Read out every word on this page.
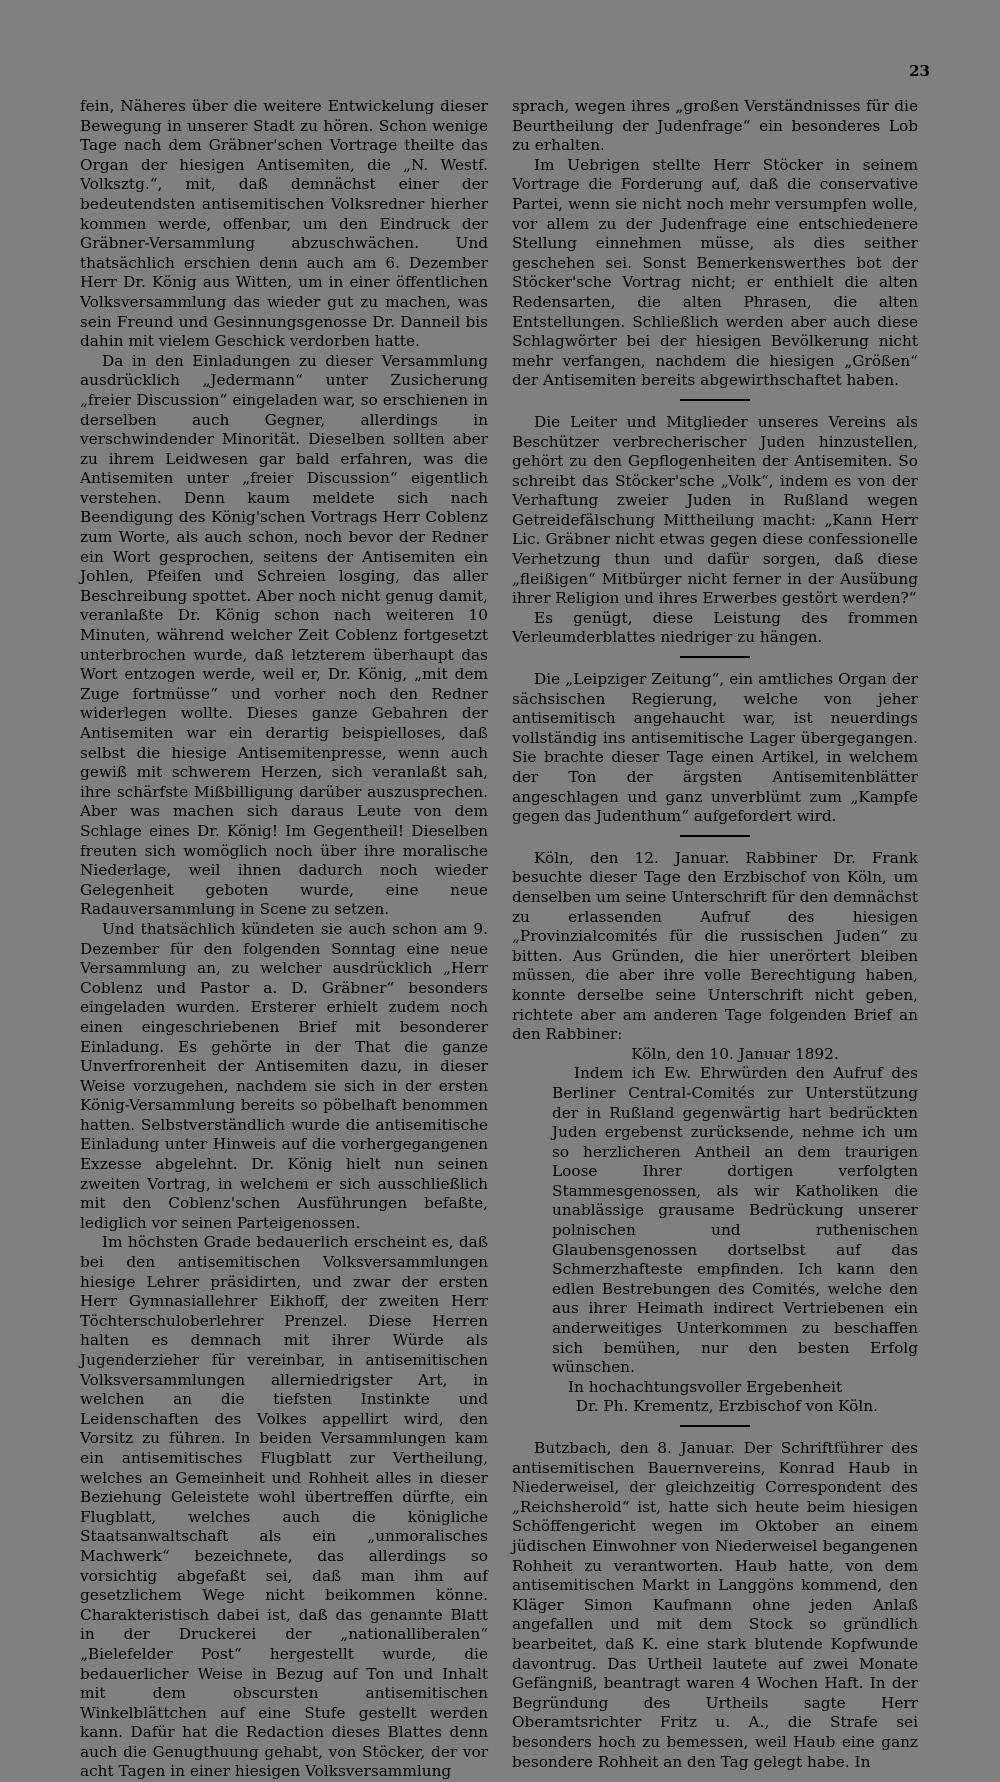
23

fein, Näheres über die weitere Entwickelung dieser Bewegung in unserer Stadt zu hören. Schon wenige Tage nach dem Gräbner'schen Vortrage theilte das Organ der hiesigen Antisemiten, die „N. Westf. Volksztg.“, mit, daß demnächst einer der bedeutendsten antisemitischen Volksredner hierher kommen werde, offenbar, um den Eindruck der Gräbner-Versammlung abzuschwächen. Und thatsächlich erschien denn auch am 6. Dezember Herr Dr. König aus Witten, um in einer öffentlichen Volksversammlung das wieder gut zu machen, was sein Freund und Gesinnungsgenosse Dr. Danneil bis dahin mit vielem Geschick verdorben hatte.

Da in den Einladungen zu dieser Versammlung ausdrücklich „Jedermann“ unter Zusicherung „freier Discussion“ eingeladen war, so erschienen in derselben auch Gegner, allerdings in verschwindender Minorität. Dieselben sollten aber zu ihrem Leidwesen gar bald erfahren, was die Antisemiten unter „freier Discussion“ eigentlich verstehen. Denn kaum meldete sich nach Beendigung des König'schen Vortrags Herr Coblenz zum Worte, als auch schon, noch bevor der Redner ein Wort gesprochen, seitens der Antisemiten ein Johlen, Pfeifen und Schreien losging, das aller Beschreibung spottet. Aber noch nicht genug damit, veranlaßte Dr. König schon nach weiteren 10 Minuten, während welcher Zeit Coblenz fortgesetzt unterbrochen wurde, daß letzterem überhaupt das Wort entzogen werde, weil er, Dr. König, „mit dem Zuge fortmüsse“ und vorher noch den Redner widerlegen wollte. Dieses ganze Gebahren der Antisemiten war ein derartig beispielloses, daß selbst die hiesige Antisemitenpresse, wenn auch gewiß mit schwerem Herzen, sich veranlaßt sah, ihre schärfste Mißbilligung darüber auszusprechen. Aber was machen sich daraus Leute von dem Schlage eines Dr. König! Im Gegentheil! Dieselben freuten sich womöglich noch über ihre moralische Niederlage, weil ihnen dadurch noch wieder Gelegenheit geboten wurde, eine neue Radauversammlung in Scene zu setzen.

Und thatsächlich kündeten sie auch schon am 9. Dezember für den folgenden Sonntag eine neue Versammlung an, zu welcher ausdrücklich „Herr Coblenz und Pastor a. D. Gräbner“ besonders eingeladen wurden. Ersterer erhielt zudem noch einen eingeschriebenen Brief mit besonderer Einladung. Es gehörte in der That die ganze Unverfrorenheit der Antisemiten dazu, in dieser Weise vorzugehen, nachdem sie sich in der ersten König-Versammlung bereits so pöbelhaft benommen hatten. Selbstverständlich wurde die antisemitische Einladung unter Hinweis auf die vorhergegangenen Exzesse abgelehnt. Dr. König hielt nun seinen zweiten Vortrag, in welchem er sich ausschließlich mit den Coblenz'schen Ausführungen befaßte, lediglich vor seinen Parteigenossen.

Im höchsten Grade bedauerlich erscheint es, daß bei den antisemitischen Volksversammlungen hiesige Lehrer präsidirten, und zwar der ersten Herr Gymnasiallehrer Eikhoff, der zweiten Herr Töchterschuloberlehrer Prenzel. Diese Herren halten es demnach mit ihrer Würde als Jugenderzieher für vereinbar, in antisemitischen Volksversammlungen allerniedrigster Art, in welchen an die tiefsten Instinkte und Leidenschaften des Volkes appellirt wird, den Vorsitz zu führen. In beiden Versammlungen kam ein antisemitisches Flugblatt zur Vertheilung, welches an Gemeinheit und Rohheit alles in dieser Beziehung Geleistete wohl übertreffen dürfte, ein Flugblatt, welches auch die königliche Staatsanwaltschaft als ein „unmoralisches Machwerk“ bezeichnete, das allerdings so vorsichtig abgefaßt sei, daß man ihm auf gesetzlichem Wege nicht beikommen könne. Charakteristisch dabei ist, daß das genannte Blatt in der Druckerei der „nationalliberalen“ „Bielefelder Post“ hergestellt wurde, die bedauerlicher Weise in Bezug auf Ton und Inhalt mit dem obscursten antisemitischen Winkelblättchen auf eine Stufe gestellt werden kann. Dafür hat die Redaction dieses Blattes denn auch die Genugthuung gehabt, von Stöcker, der vor acht Tagen in einer hiesigen Volksversammlung

sprach, wegen ihres „großen Verständnisses für die Beurtheilung der Judenfrage“ ein besonderes Lob zu erhalten.

Im Uebrigen stellte Herr Stöcker in seinem Vortrage die Forderung auf, daß die conservative Partei, wenn sie nicht noch mehr versumpfen wolle, vor allem zu der Judenfrage eine entschiedenere Stellung einnehmen müsse, als dies seither geschehen sei. Sonst Bemerkenswerthes bot der Stöcker'sche Vortrag nicht; er enthielt die alten Redensarten, die alten Phrasen, die alten Entstellungen. Schließlich werden aber auch diese Schlagwörter bei der hiesigen Bevölkerung nicht mehr verfangen, nachdem die hiesigen „Größen“ der Antisemiten bereits abgewirthschaftet haben.

Die Leiter und Mitglieder unseres Vereins als Beschützer verbrecherischer Juden hinzustellen, gehört zu den Gepflogenheiten der Antisemiten. So schreibt das Stöcker'sche „Volk“, indem es von der Verhaftung zweier Juden in Rußland wegen Getreidefälschung Mittheilung macht: „Kann Herr Lic. Gräbner nicht etwas gegen diese confessionelle Verhetzung thun und dafür sorgen, daß diese „fleißigen“ Mitbürger nicht ferner in der Ausübung ihrer Religion und ihres Erwerbes gestört werden?“

Es genügt, diese Leistung des frommen Verleumderblattes niedriger zu hängen.

Die „Leipziger Zeitung“, ein amtliches Organ der sächsischen Regierung, welche von jeher antisemitisch angehaucht war, ist neuerdings vollständig ins antisemitische Lager übergegangen. Sie brachte dieser Tage einen Artikel, in welchem der Ton der ärgsten Antisemitenblätter angeschlagen und ganz unverblümt zum „Kampfe gegen das Judenthum“ aufgefordert wird.

Köln, den 12. Januar. Rabbiner Dr. Frank besuchte dieser Tage den Erzbischof von Köln, um denselben um seine Unterschrift für den demnächst zu erlassenden Aufruf des hiesigen „Provinzialcomités für die russischen Juden“ zu bitten. Aus Gründen, die hier unerörtert bleiben müssen, die aber ihre volle Berechtigung haben, konnte derselbe seine Unterschrift nicht geben, richtete aber am anderen Tage folgenden Brief an den Rabbiner:

Köln, den 10. Januar 1892.

Indem ich Ew. Ehrwürden den Aufruf des Berliner Central-Comités zur Unterstützung der in Rußland gegenwärtig hart bedrückten Juden ergebenst zurücksende, nehme ich um so herzlicheren Antheil an dem traurigen Loose Ihrer dortigen verfolgten Stammesgenossen, als wir Katholiken die unablässige grausame Bedrückung unserer polnischen und ruthenischen Glaubensgenossen dortselbst auf das Schmerzhafteste empfinden. Ich kann den edlen Bestrebungen des Comités, welche den aus ihrer Heimath indirect Vertriebenen ein anderweitiges Unterkommen zu beschaffen sich bemühen, nur den besten Erfolg wünschen.

In hochachtungsvoller Ergebenheit

Dr. Ph. Krementz, Erzbischof von Köln.

Butzbach, den 8. Januar. Der Schriftführer des antisemitischen Bauernvereins, Konrad Haub in Niederweisel, der gleichzeitig Correspondent des „Reichsherold“ ist, hatte sich heute beim hiesigen Schöffengericht wegen im Oktober an einem jüdischen Einwohner von Niederweisel begangenen Rohheit zu verantworten. Haub hatte, von dem antisemitischen Markt in Langgöns kommend, den Kläger Simon Kaufmann ohne jeden Anlaß angefallen und mit dem Stock so gründlich bearbeitet, daß K. eine stark blutende Kopfwunde davontrug. Das Urtheil lautete auf zwei Monate Gefängniß, beantragt waren 4 Wochen Haft. In der Begründung des Urtheils sagte Herr Oberamtsrichter Fritz u. A., die Strafe sei besonders hoch zu bemessen, weil Haub eine ganz besondere Rohheit an den Tag gelegt habe. In
